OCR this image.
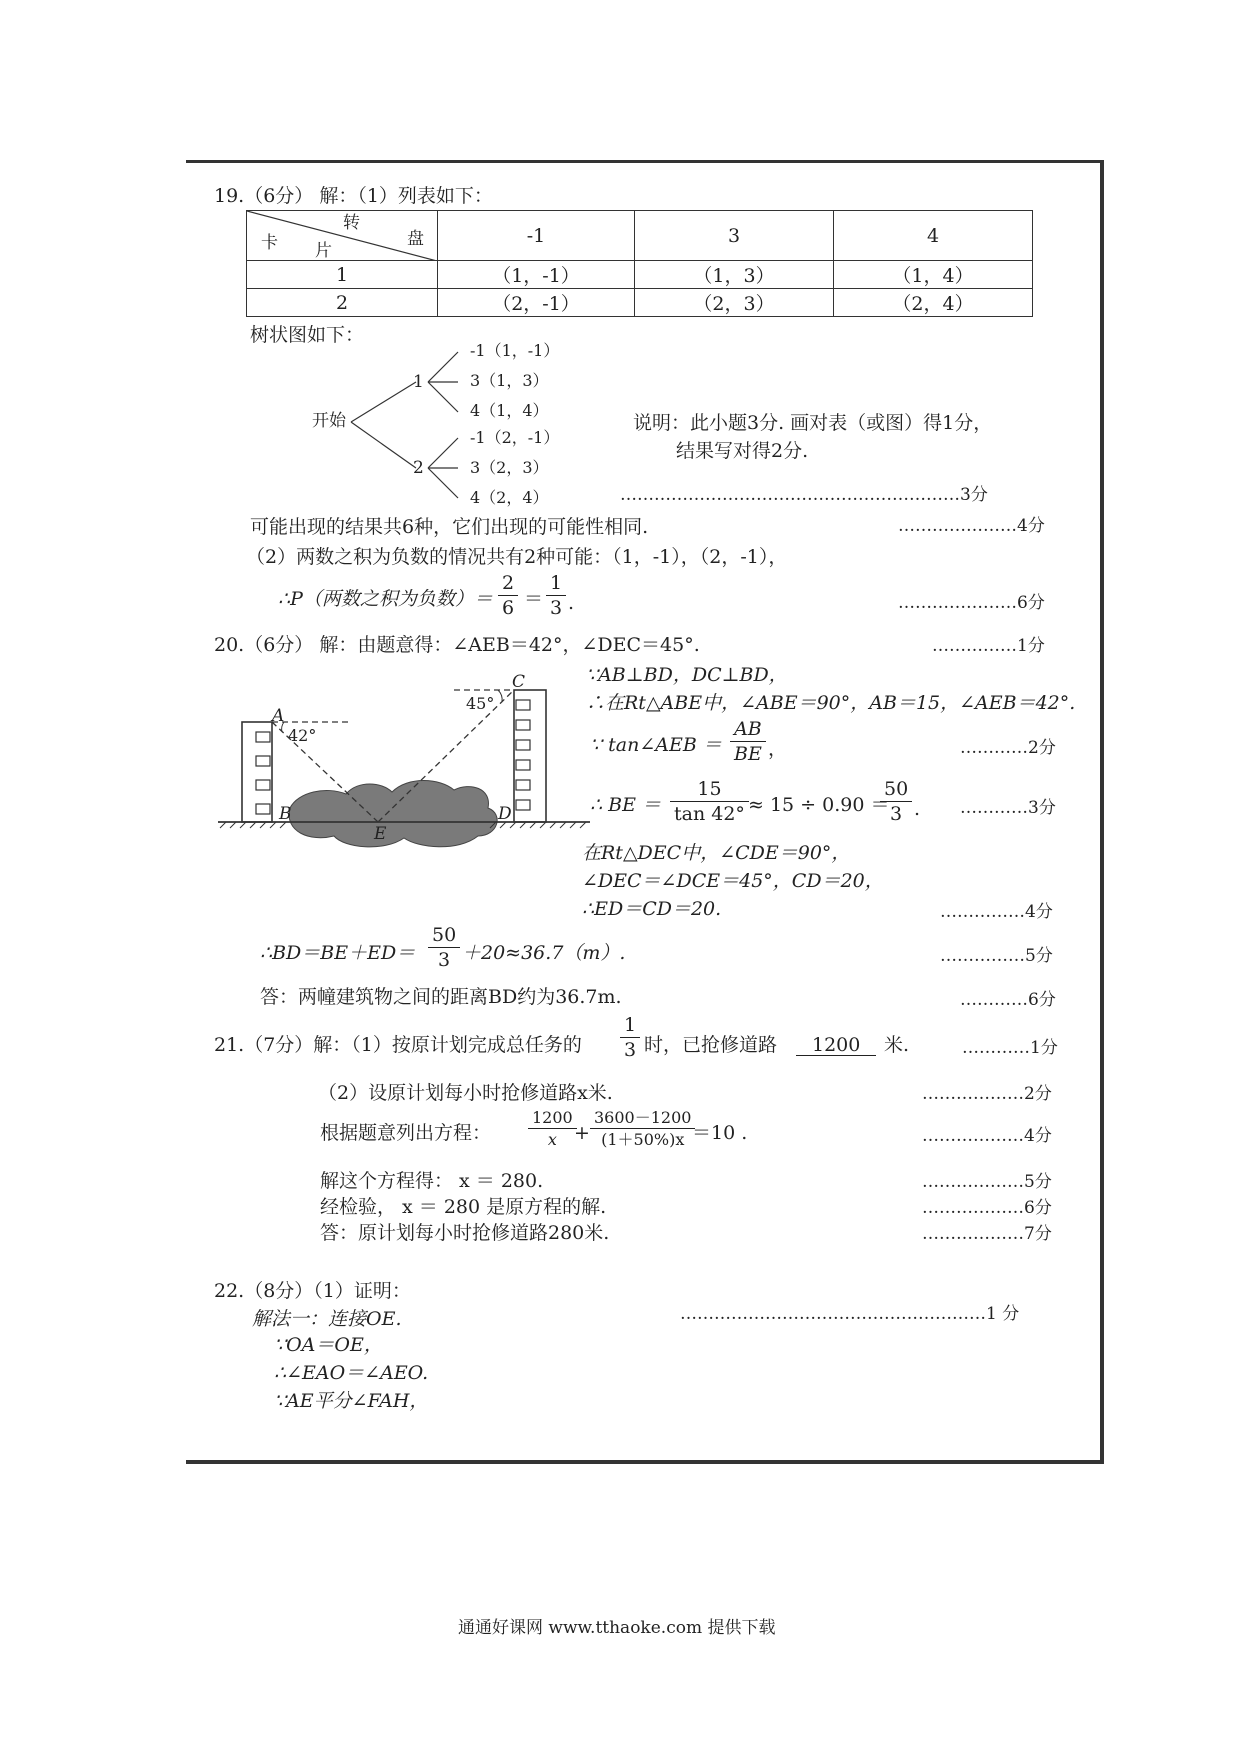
19.（6分） 解：（1）列表如下：
转
盘
卡 片	-1	3	4
1	（1，-1）	（1，3）	（1，4）
2	（2，-1）	（2，3）	（2，4）
树状图如下：
开始
1
2
-1（1，-1）
3（1，3）
4（1，4）
-1（2，-1）
3（2，3）
4（2，4）
说明：此小题3分. 画对表（或图）得1分，
结果写对得2分.
……………………………………………………3分
可能出现的结果共6种，它们出现的可能性相同.	…………………4分
（2）两数之积为负数的情况共有2种可能：（1，-1），（2，-1），
∴P（两数之积为负数）＝ $\frac{2}{6} = \frac{1}{3}$ .	…………………6分
20.（6分） 解：由题意得：∠AEB＝42°，∠DEC＝45°.	……………1分
A
42°
C
45°
B	D
E
∵AB⊥BD，DC⊥BD，
∴在Rt△ABE中，∠ABE＝90°，AB＝15，∠AEB＝42°.
∵ tan∠AEB ＝ $\frac{AB}{BE}$ ，	…………2分
∴ BE ＝ $\frac{15}{\tan 42^\circ} \approx 15 \div 0.90$ ＝
$\frac{50}{3}$ . …………3分
在Rt△DEC中，∠CDE＝90°，
∠DEC＝∠DCE＝45°，CD＝20，
∴ED＝CD＝20.	……………4分
∴BD＝BE＋ED＝ $\frac{50}{3} +20\approx 36.7(m)$.	……………5分
答：两幢建筑物之间的距离BD约为36.7m.	…………6分
21.（7分）解：（1）按原计划完成总任务的 $\frac{1}{3}$ 时，已抢修道路	1200	米.	…………1分
（2）设原计划每小时抢修道路x米.	………………2分
根据题意列出方程： $\frac{1200}{x} + \frac{3600-1200}{(1+50\%)x}$
＝10 .	………………4分
解这个方程得： x ＝ 280.	………………5分
经检验， x ＝ 280 是原方程的解.	………………6分
答：原计划每小时抢修道路280米.	………………7分
22.（8分）（1）证明：
解法一：连接OE.	………………………………………………1 分
∵OA＝OE，
∴∠EAO＝∠AEO.
∵AE平分∠FAH，
通通好课网 www.tthaoke.com 提供下载
